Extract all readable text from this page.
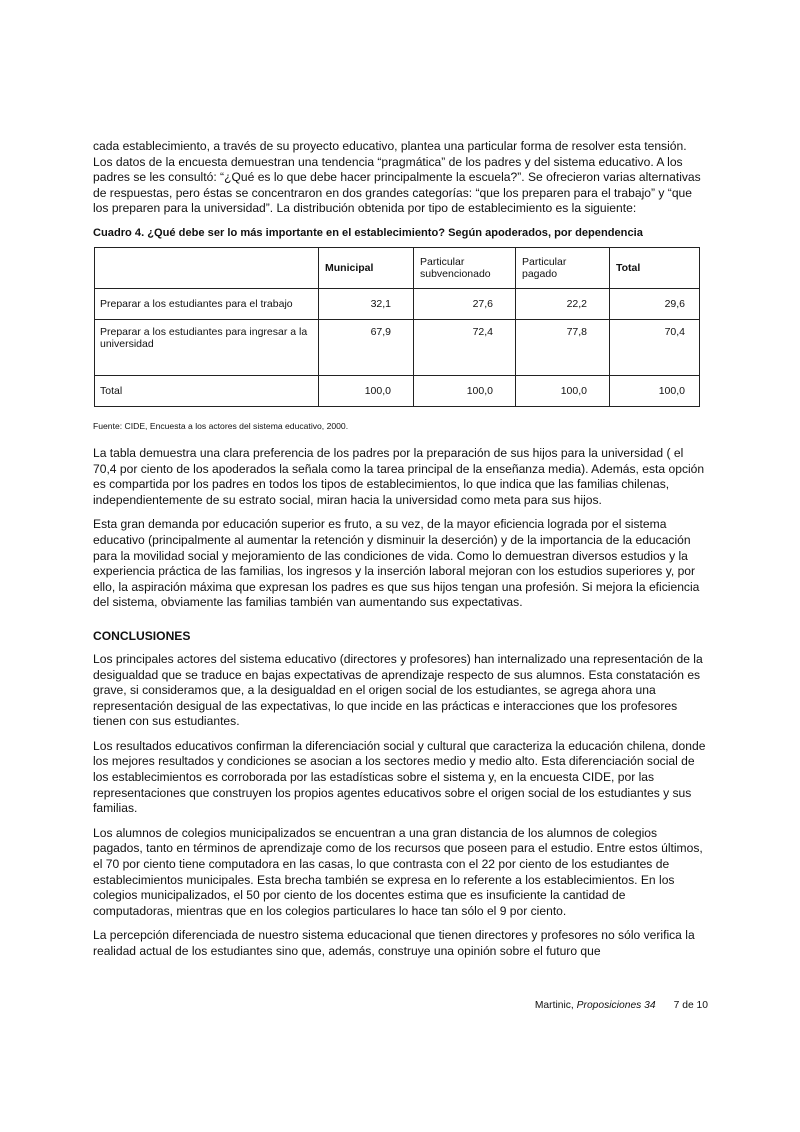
cada establecimiento, a través de su proyecto educativo, plantea una particular forma de resolver esta tensión. Los datos de la encuesta demuestran una tendencia “pragmática” de los padres y del sistema educativo. A los padres se les consultó: “¿Qué es lo que debe hacer principalmente la escuela?”. Se ofrecieron varias alternativas de respuestas, pero éstas se concentraron en dos grandes categorías: “que los preparen para el trabajo” y “que los preparen para la universidad”. La distribución obtenida por tipo de establecimiento es la siguiente:

Cuadro 4. ¿Qué debe ser lo más importante en el establecimiento? Según apoderados, por dependencia
	Municipal	Particular subvencionado	Particular pagado	Total
Preparar a los estudiantes para el trabajo	32,1	27,6	22,2	29,6
Preparar a los estudiantes para ingresar a la universidad	67,9	72,4	77,8	70,4
Total	100,0	100,0	100,0	100,0
Fuente: CIDE, Encuesta a los actores del sistema educativo, 2000.

La tabla demuestra una clara preferencia de los padres por la preparación de sus hijos para la universidad ( el 70,4 por ciento de los apoderados la señala como la tarea principal de la enseñanza media). Además, esta opción es compartida por los padres en todos los tipos de establecimientos, lo que indica que las familias chilenas, independientemente de su estrato social, miran hacia la universidad como meta para sus hijos.

Esta gran demanda por educación superior es fruto, a su vez, de la mayor eficiencia lograda por el sistema educativo (principalmente al aumentar la retención y disminuir la deserción) y de la importancia de la educación para la movilidad social y mejoramiento de las condiciones de vida. Como lo demuestran diversos estudios y la experiencia práctica de las familias, los ingresos y la inserción laboral mejoran con los estudios superiores y, por ello, la aspiración máxima que expresan los padres es que sus hijos tengan una profesión. Si mejora la eficiencia del sistema, obviamente las familias también van aumentando sus expectativas.

CONCLUSIONES

Los principales actores del sistema educativo (directores y profesores) han internalizado una representación de la desigualdad que se traduce en bajas expectativas de aprendizaje respecto de sus alumnos. Esta constatación es grave, si consideramos que, a la desigualdad en el origen social de los estudiantes, se agrega ahora una representación desigual de las expectativas, lo que incide en las prácticas e interacciones que los profesores tienen con sus estudiantes.

Los resultados educativos confirman la diferenciación social y cultural que caracteriza la educación chilena, donde los mejores resultados y condiciones se asocian a los sectores medio y medio alto. Esta diferenciación social de los establecimientos es corroborada por las estadísticas sobre el sistema y, en la encuesta CIDE, por las representaciones que construyen los propios agentes educativos sobre el origen social de los estudiantes y sus familias.

Los alumnos de colegios municipalizados se encuentran a una gran distancia de los alumnos de colegios pagados, tanto en términos de aprendizaje como de los recursos que poseen para el estudio. Entre estos últimos, el 70 por ciento tiene computadora en las casas, lo que contrasta con el 22 por ciento de los estudiantes de establecimientos municipales. Esta brecha también se expresa en lo referente a los establecimientos. En los colegios municipalizados, el 50 por ciento de los docentes estima que es insuficiente la cantidad de computadoras, mientras que en los colegios particulares lo hace tan sólo el 9 por ciento.

La percepción diferenciada de nuestro sistema educacional que tienen directores y profesores no sólo verifica la realidad actual de los estudiantes sino que, además, construye una opinión sobre el futuro que

Martinic, Proposiciones 34 7 de 10
